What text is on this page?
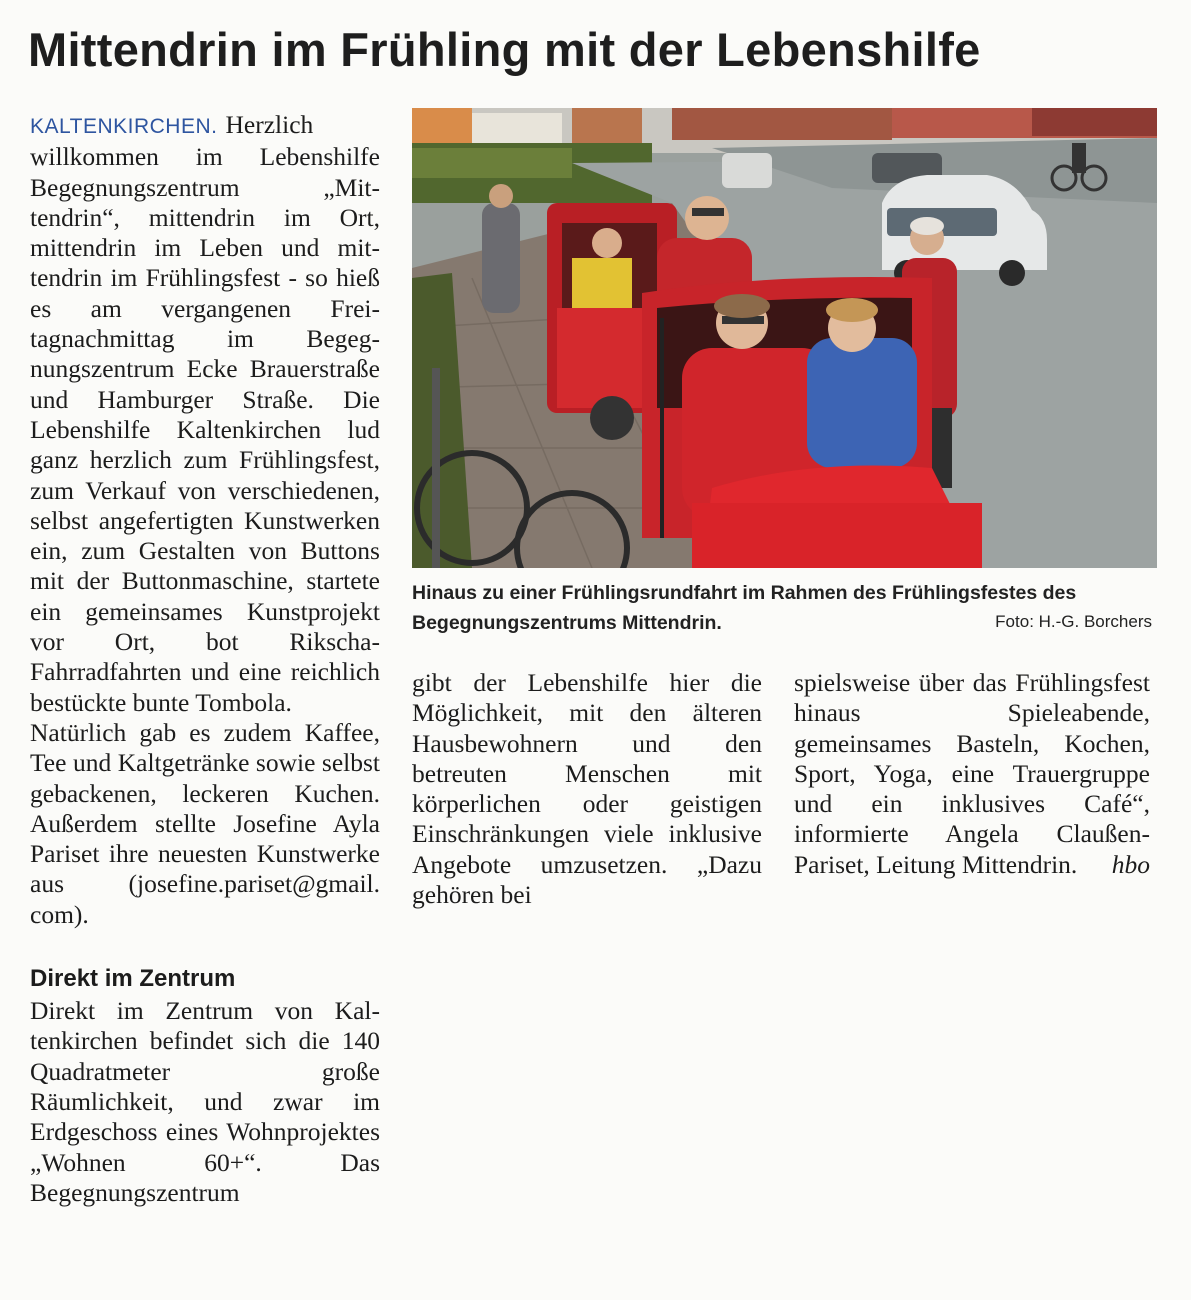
Mittendrin im Frühling mit der Lebenshilfe

KALTENKIRCHEN. Herzlich willkommen im Lebenshilfe Begegnungszentrum „Mittendrin“, mittendrin im Ort, mittendrin im Leben und mittendrin im Frühlingsfest - so hieß es am vergangenen Freitagnachmittag im Begegnungszentrum Ecke Brauerstraße und Hamburger Straße. Die Lebenshilfe Kaltenkirchen lud ganz herzlich zum Frühlingsfest, zum Verkauf von verschiedenen, selbst angefertigten Kunstwerken ein, zum Gestalten von Buttons mit der Buttonmaschine, startete ein gemeinsames Kunstprojekt vor Ort, bot Rikscha-Fahrradfahrten und eine reichlich bestückte bunte Tombola.

Natürlich gab es zudem Kaffee, Tee und Kaltgetränke sowie selbst gebackenen, leckeren Kuchen. Außerdem stellte Josefine Ayla Pariset ihre neuesten Kunstwerke aus (josefine.pariset@gmail. com).

Direkt im Zentrum

Direkt im Zentrum von Kaltenkirchen befindet sich die 140 Quadratmeter große Räumlichkeit, und zwar im Erdgeschoss eines Wohnprojektes „Wohnen 60+“. Das Begegnungszentrum

Hinaus zu einer Frühlingsrundfahrt im Rahmen des Frühlingsfestes des Begegnungszentrums Mittendrin.	Foto: H.-G. Borchers

gibt der Lebenshilfe hier die Möglichkeit, mit den älteren Hausbewohnern und den betreuten Menschen mit körperlichen oder geistigen Einschränkungen viele inklusive Angebote umzusetzen. „Dazu gehören bei

spielsweise über das Frühlingsfest hinaus Spieleabende, gemeinsames Basteln, Kochen, Sport, Yoga, eine Trauergruppe und ein inklusives Café“, informierte Angela Claußen-Pariset, Leitung Mittendrin. hbo
